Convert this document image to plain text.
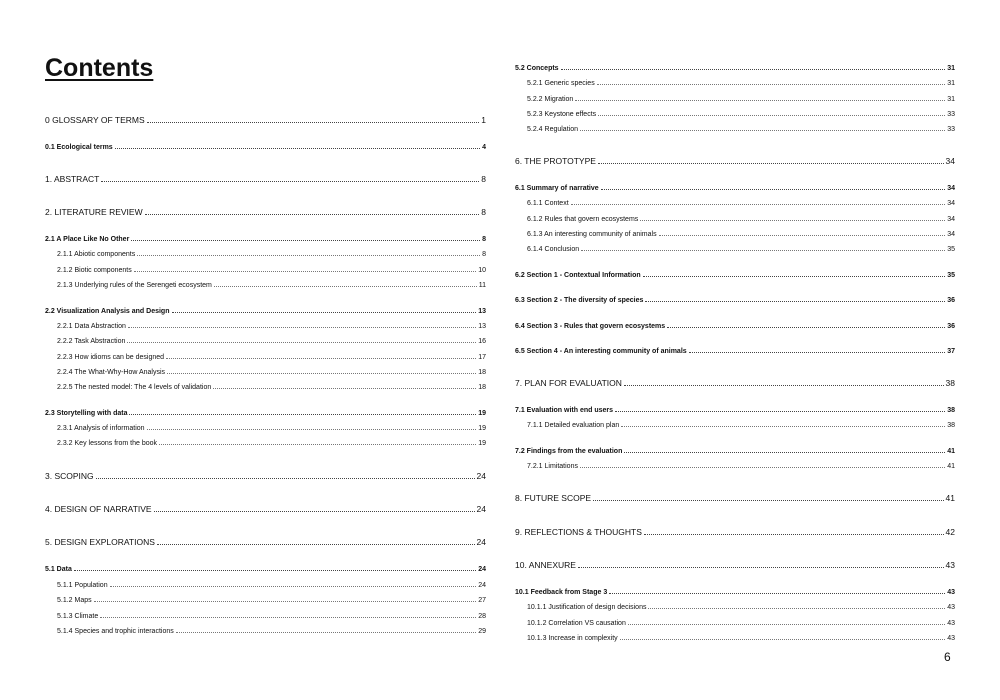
Contents
0 GLOSSARY OF TERMS	1
0.1 Ecological terms	4
1. ABSTRACT	8
2. LITERATURE REVIEW	8
2.1 A Place Like No Other	8
2.1.1 Abiotic components	8
2.1.2 Biotic components	10
2.1.3 Underlying rules of the Serengeti ecosystem	11
2.2 Visualization Analysis and Design	13
2.2.1 Data Abstraction	13
2.2.2 Task Abstraction	16
2.2.3 How idioms can be designed	17
2.2.4 The What-Why-How Analysis	18
2.2.5 The nested model: The 4 levels of validation	18
2.3 Storytelling with data	19
2.3.1 Analysis of information	19
2.3.2 Key lessons from the book	19
3. SCOPING	24
4. DESIGN OF NARRATIVE	24
5. DESIGN EXPLORATIONS	24
5.1 Data	24
5.1.1 Population	24
5.1.2 Maps	27
5.1.3 Climate	28
5.1.4 Species and trophic interactions	29
5.2 Concepts	31
5.2.1 Generic species	31
5.2.2 Migration	31
5.2.3 Keystone effects	33
5.2.4 Regulation	33
6. THE PROTOTYPE	34
6.1 Summary of narrative	34
6.1.1 Context	34
6.1.2 Rules that govern ecosystems	34
6.1.3 An interesting community of animals	34
6.1.4 Conclusion	35
6.2 Section 1 - Contextual Information	35
6.3 Section 2 - The diversity of species	36
6.4 Section 3 - Rules that govern ecosystems	36
6.5 Section 4 - An interesting community of animals	37
7. PLAN FOR EVALUATION	38
7.1 Evaluation with end users	38
7.1.1 Detailed evaluation plan	38
7.2 Findings from the evaluation	41
7.2.1 Limitations	41
8. FUTURE SCOPE	41
9. REFLECTIONS & THOUGHTS	42
10. ANNEXURE	43
10.1 Feedback from Stage 3	43
10.1.1 Justification of design decisions	43
10.1.2 Correlation VS causation	43
10.1.3 Increase in complexity	43
6
